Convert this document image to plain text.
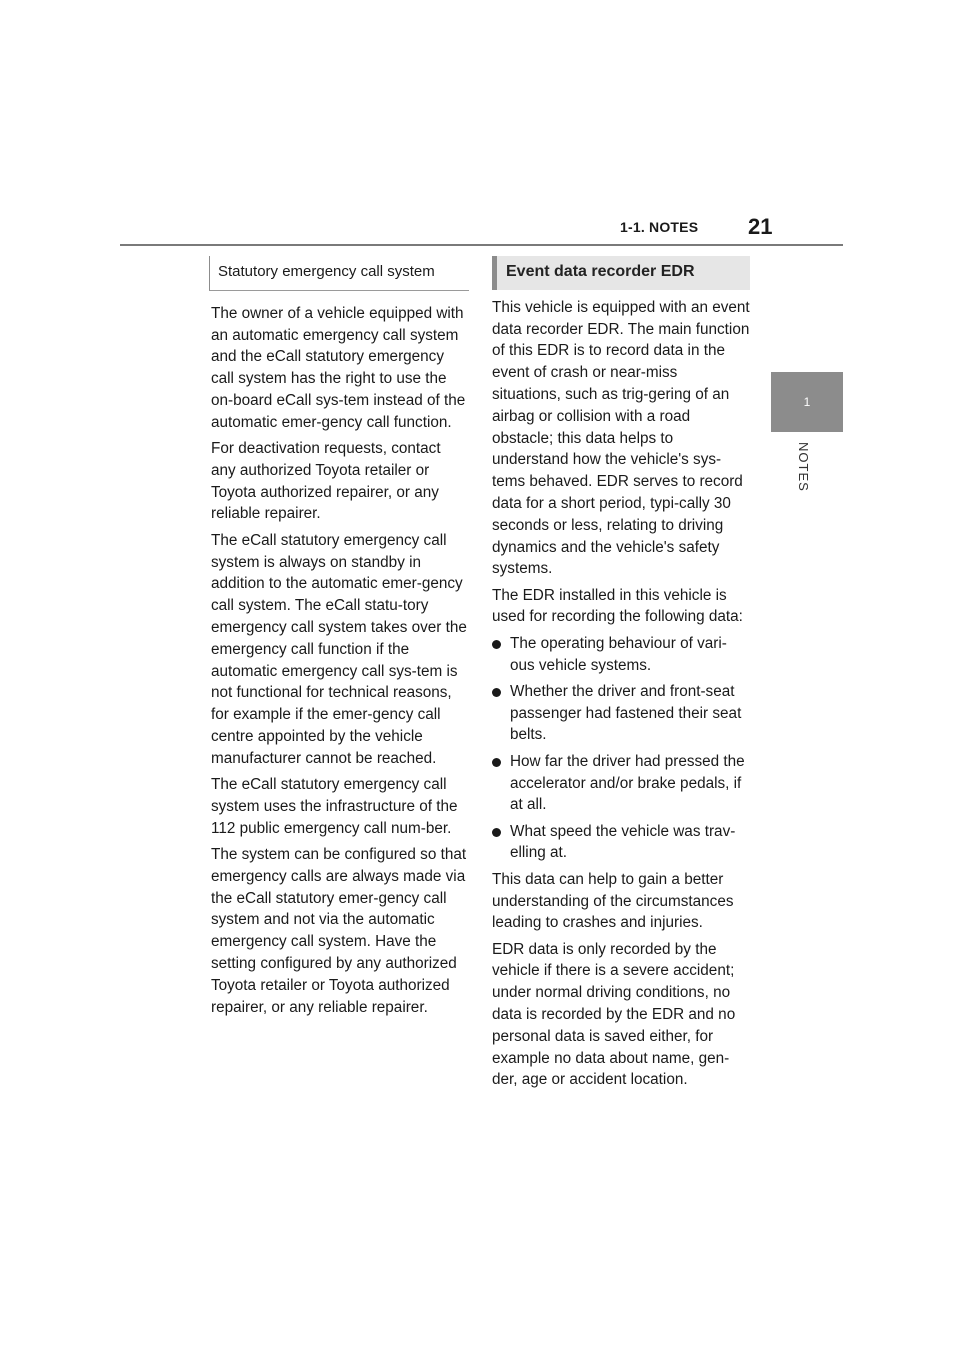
1-1. NOTES 21
1
NOTES
Statutory emergency call system

The owner of a vehicle equipped with an automatic emergency call system and the eCall statutory emergency call system has the right to use the on-board eCall sys-tem instead of the automatic emer-gency call function.

For deactivation requests, contact any authorized Toyota retailer or Toyota authorized repairer, or any reliable repairer.

The eCall statutory emergency call system is always on standby in addition to the automatic emer-gency call system. The eCall statu-tory emergency call system takes over the emergency call function if the automatic emergency call sys-tem is not functional for technical reasons, for example if the emer-gency call centre appointed by the vehicle manufacturer cannot be reached.

The eCall statutory emergency call system uses the infrastructure of the 112 public emergency call num-ber.

The system can be configured so that emergency calls are always made via the eCall statutory emer-gency call system and not via the automatic emergency call system. Have the setting configured by any authorized Toyota retailer or Toyota authorized repairer, or any reliable repairer.

Event data recorder EDR

This vehicle is equipped with an event data recorder EDR. The main function of this EDR is to record data in the event of crash or near-miss situations, such as trig-gering of an airbag or collision with a road obstacle; this data helps to understand how the vehicle's sys-tems behaved. EDR serves to record data for a short period, typi-cally 30 seconds or less, relating to driving dynamics and the vehicle's safety systems.

The EDR installed in this vehicle is used for recording the following data:

The operating behaviour of vari-ous vehicle systems.
Whether the driver and front-seat passenger had fastened their seat belts.
How far the driver had pressed the accelerator and/or brake pedals, if at all.
What speed the vehicle was trav-elling at.

This data can help to gain a better understanding of the circumstances leading to crashes and injuries.

EDR data is only recorded by the vehicle if there is a severe accident; under normal driving conditions, no data is recorded by the EDR and no personal data is saved either, for example no data about name, gen-der, age or accident location.
